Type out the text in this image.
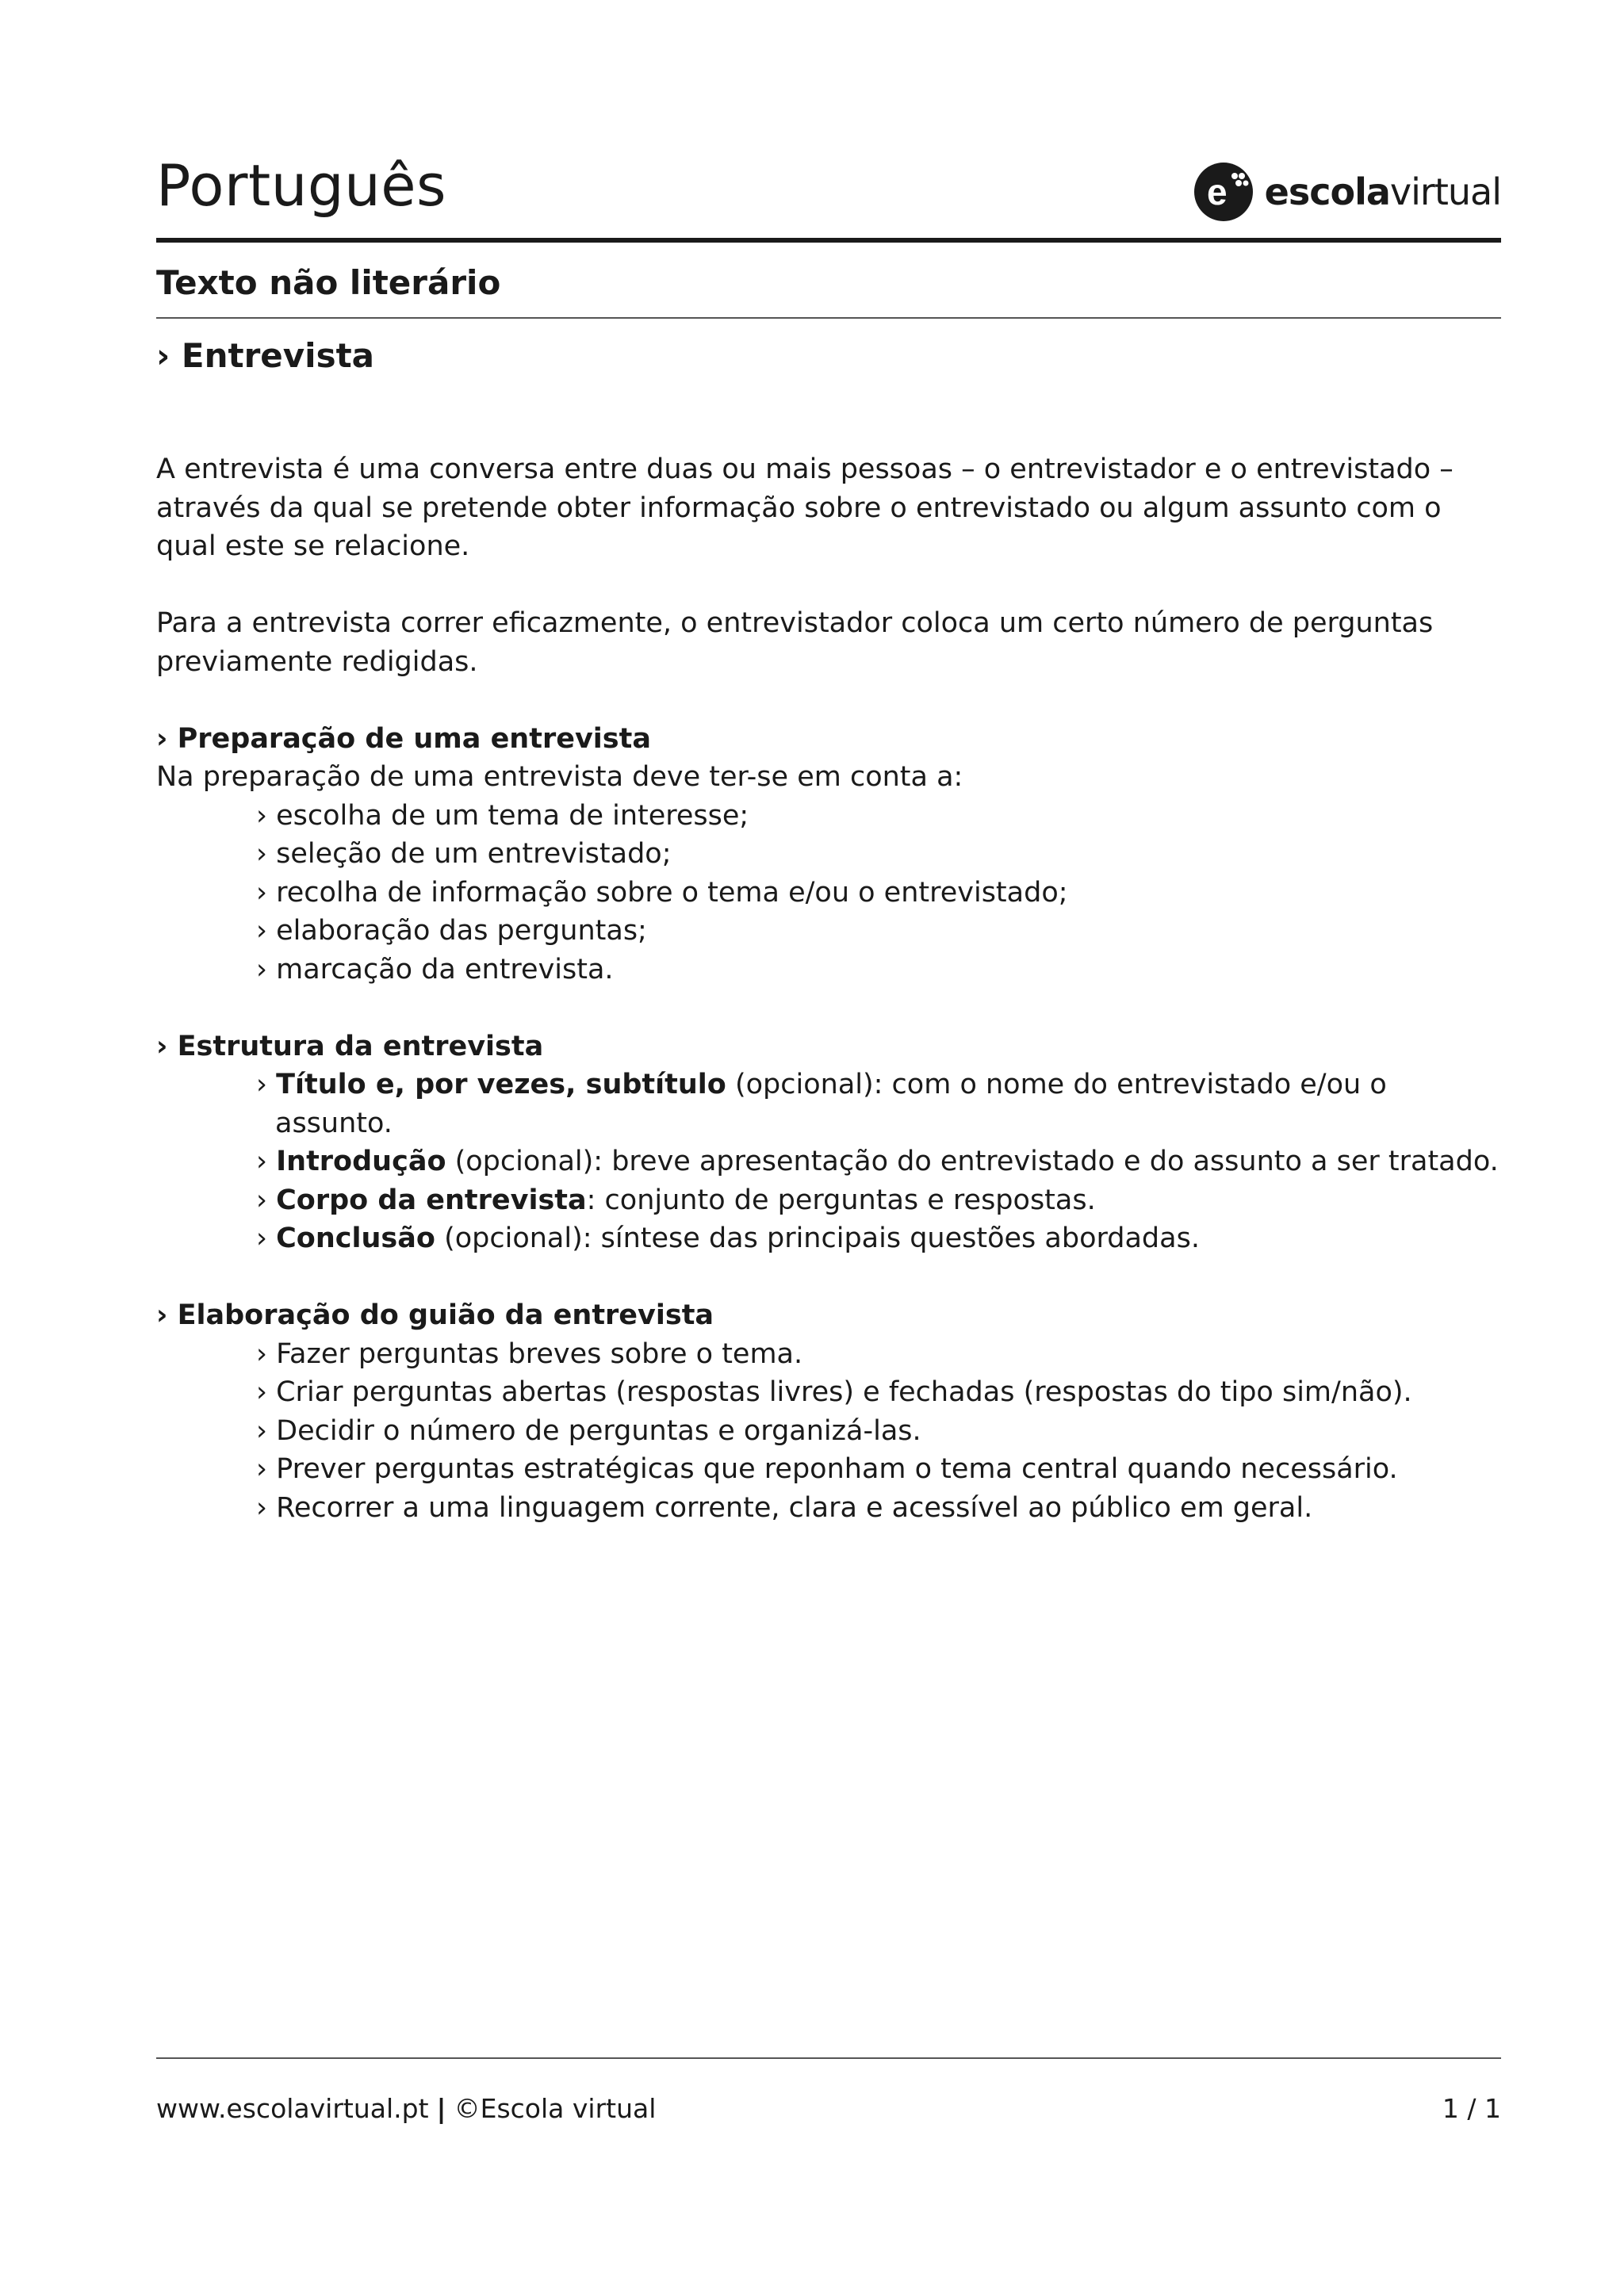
Português	e escolavirtual
Texto não literário
› Entrevista

A entrevista é uma conversa entre duas ou mais pessoas – o entrevistador e o entrevistado – através da qual se pretende obter informação sobre o entrevistado ou algum assunto com o qual este se relacione.

Para a entrevista correr eficazmente, o entrevistador coloca um certo número de perguntas previamente redigidas.

› Preparação de uma entrevista

Na preparação de uma entrevista deve ter-se em conta a:

› escolha de um tema de interesse;
› seleção de um entrevistado;
› recolha de informação sobre o tema e/ou o entrevistado;
› elaboração das perguntas;
› marcação da entrevista.

› Estrutura da entrevista

› Título e, por vezes, subtítulo (opcional): com o nome do entrevistado e/ou o
assunto.
› Introdução (opcional): breve apresentação do entrevistado e do assunto a ser tratado.
› Corpo da entrevista: conjunto de perguntas e respostas.
› Conclusão (opcional): síntese das principais questões abordadas.

› Elaboração do guião da entrevista

› Fazer perguntas breves sobre o tema.
› Criar perguntas abertas (respostas livres) e fechadas (respostas do tipo sim/não).
› Decidir o número de perguntas e organizá-las.
› Prever perguntas estratégicas que reponham o tema central quando necessário.
› Recorrer a uma linguagem corrente, clara e acessível ao público em geral.
www.escolavirtual.pt | ©Escola virtual	1 / 1
